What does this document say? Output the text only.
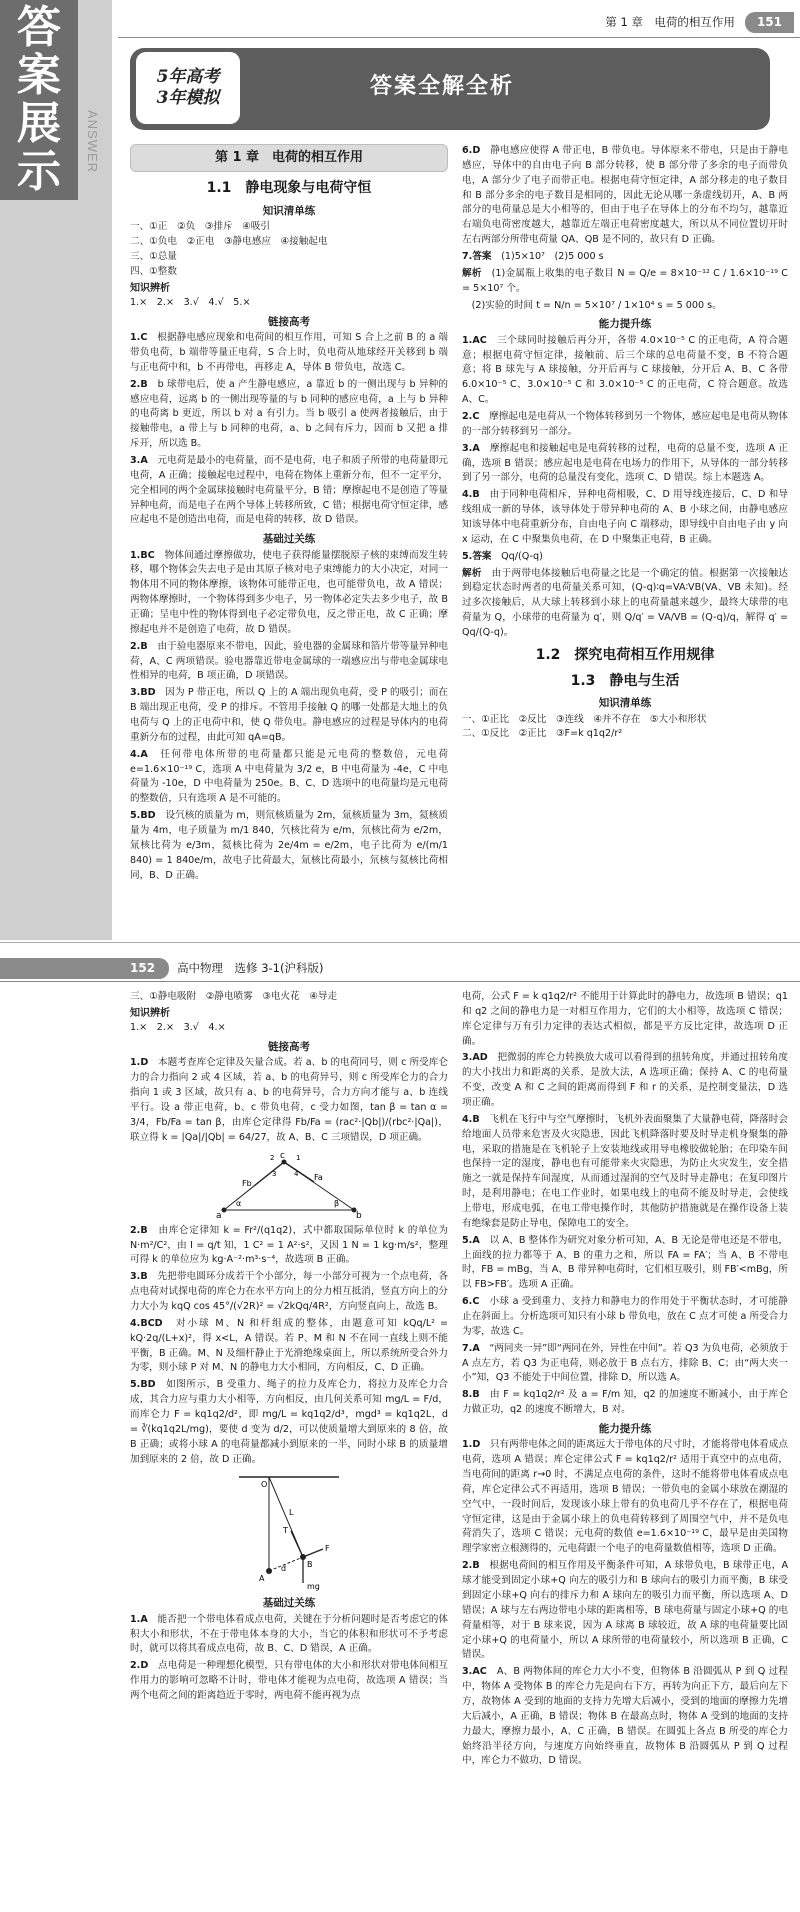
答
案
展
示 ANSWER
第 1 章　电荷的相互作用	151
5年高考
3年模拟	答案全解全析
第 1 章　电荷的相互作用
1.1　静电现象与电荷守恒
知识清单练
一、①正　②负　③排斥　④吸引
二、①负电　②正电　③静电感应　④接触起电
三、①总量
四、①整数
知识辨析
1.×　2.×　3.√　4.√　5.×
链接高考
1.C　 根据静电感应现象和电荷间的相互作用，可知 S 合上之前 B 的 a 端带负电荷，b 端带等量正电荷，S 合上时，负电荷从地球经开关移到 b 端与正电荷中和，b 不再带电，再移走 A，导体 B 带负电，故选 C。
2.B　 b 球带电后，使 a 产生静电感应，a 靠近 b 的一侧出现与 b 异种的感应电荷，远离 b 的一侧出现等量的与 b 同种的感应电荷，a 上与 b 异种的电荷离 b 更近，所以 b 对 a 有引力。当 b 吸引 a 使两者接触后，由于接触带电，a 带上与 b 同种的电荷，a、b 之间有斥力，因而 b 又把 a 排斥开，所以选 B。
3.A　 元电荷是最小的电荷量，而不是电荷，电子和质子所带的电荷量即元电荷，A 正确；接触起电过程中，电荷在物体上重新分布，但不一定平分，完全相同的两个金属球接触时电荷量平分，B 错；摩擦起电不是创造了等量异种电荷，而是电子在两个导体上转移所致，C 错；根据电荷守恒定律，感应起电不是创造出电荷，而是电荷的转移，故 D 错误。
基础过关练
1.BC　 物体间通过摩擦做功，使电子获得能量摆脱原子核的束缚而发生转移，哪个物体会失去电子是由其原子核对电子束缚能力的大小决定，对同一物体用不同的物体摩擦，该物体可能带正电，也可能带负电，故 A 错误；两物体摩擦时，一个物体得到多少电子，另一物体必定失去多少电子，故 B 正确；呈电中性的物体得到电子必定带负电，反之带正电，故 C 正确；摩擦起电并不是创造了电荷，故 D 错误。
2.B　 由于验电器原来不带电，因此，验电器的金属球和箔片带等量异种电荷，A、C 两项错误。验电器靠近带电金属球的一端感应出与带电金属球电性相异的电荷，B 项正确，D 项错误。
3.BD　 因为 P 带正电，所以 Q 上的 A 端出现负电荷，受 P 的吸引；而在 B 端出现正电荷，受 P 的排斥。不管用手接触 Q 的哪一处都是大地上的负电荷与 Q 上的正电荷中和，使 Q 带负电。静电感应的过程是导体内的电荷重新分布的过程，由此可知 qA=qB。
4.A　 任何带电体所带的电荷量都只能是元电荷的整数倍，元电荷 e=1.6×10⁻¹⁹ C，选项 A 中电荷量为 3/2 e，B 中电荷量为 -4e，C 中电荷量为 -10e，D 中电荷量为 250e。B、C、D 选项中的电荷量均是元电荷的整数倍，只有选项 A 是不可能的。
5.BD　 设氕核的质量为 m，则氘核质量为 2m，氚核质量为 3m，氦核质量为 4m，电子质量为 m/1 840，氕核比荷为 e/m，氘核比荷为 e/2m，氚核比荷为 e/3m，氦核比荷为 2e/4m = e/2m，电子比荷为 e/(m/1 840) = 1 840e/m，故电子比荷最大，氚核比荷最小，氘核与氦核比荷相同，B、D 正确。
6.D　 静电感应使得 A 带正电，B 带负电。导体原来不带电，只是由于静电感应，导体中的自由电子向 B 部分转移，使 B 部分带了多余的电子而带负电，A 部分少了电子而带正电。根据电荷守恒定律，A 部分移走的电子数目和 B 部分多余的电子数目是相同的，因此无论从哪一条虚线切开，A、B 两部分的电荷量总是大小相等的，但由于电子在导体上的分布不均匀，越靠近右端负电荷密度越大，越靠近左端正电荷密度越大，所以从不同位置切开时左右两部分所带电荷量 QA、QB 是不同的，故只有 D 正确。
7.答案　 (1)5×10⁷　(2)5 000 s
解析　 (1)金属瓶上收集的电子数目 N = Q/e = 8×10⁻¹² C / 1.6×10⁻¹⁹ C = 5×10⁷ 个。
　(2)实验的时间 t = N/n = 5×10⁷ / 1×10⁴ s = 5 000 s。
能力提升练
1.AC　 三个球同时接触后再分开，各带 4.0×10⁻⁵ C 的正电荷，A 符合题意；根据电荷守恒定律，接触前、后三个球的总电荷量不变，B 不符合题意；将 B 球先与 A 球接触，分开后再与 C 球接触，分开后 A、B、C 各带 6.0×10⁻⁵ C、3.0×10⁻⁵ C 和 3.0×10⁻⁵ C 的正电荷，C 符合题意。故选 A、C。
2.C　 摩擦起电是电荷从一个物体转移到另一个物体，感应起电是电荷从物体的一部分转移到另一部分。
3.A　 摩擦起电和接触起电是电荷转移的过程，电荷的总量不变，选项 A 正确，选项 B 错误；感应起电是电荷在电场力的作用下，从导体的一部分转移到了另一部分，电荷的总量没有变化，选项 C、D 错误。综上本题选 A。
4.B　 由于同种电荷相斥，异种电荷相吸，C、D 用导线连接后，C、D 和导线组成一新的导体，该导体处于带异种电荷的 A、B 小球之间，由静电感应知该导体中电荷重新分布，自由电子向 C 端移动，即导线中自由电子由 y 向 x 运动，在 C 中聚集负电荷，在 D 中聚集正电荷，B 正确。
5.答案　 Qq/(Q-q)
解析　 由于两带电体接触后电荷量之比是一个确定的值。根据第一次接触达到稳定状态时两者的电荷量关系可知，(Q-q)∶q=VA∶VB(VA、VB 未知)。经过多次接触后，从大球上转移到小球上的电荷量越来越少，最终大球带的电荷量为 Q，小球带的电荷量为 q′，则 Q/q′ = VA/VB = (Q-q)/q，解得 q′ = Qq/(Q-q)。
1.2　探究电荷相互作用规律
1.3　静电与生活
知识清单练
一、①正比　②反比　③连线　④并不存在　⑤大小和形状
二、①反比　②正比　③F=k q1q2/r²
152	高中物理　选修 3-1(沪科版)
三、①静电吸附　②静电喷雾　③电火花　④导走
知识辨析
1.×　2.×　3.√　4.×
链接高考
1.D　 本题考查库仑定律及矢量合成。若 a、b 的电荷同号，则 c 所受库仑力的合力指向 2 或 4 区域，若 a、b 的电荷异号，则 c 所受库仑力的合力指向 1 或 3 区域，故只有 a、b 的电荷异号，合力方向才能与 a、b 连线平行。设 a 带正电荷，b、c 带负电荷，c 受力如图，tan β = tan α = 3/4，Fb/Fa = tan β，由库仑定律得 Fb/Fa = (rac²·|Qb|)/(rbc²·|Qa|)，联立得 k = |Qa|/|Qb| = 64/27，故 A、B、C 三项错误，D 项正确。
a	b
c
Fa
Fb
α	β
1
2
3	4
2.B　 由库仑定律知 k = Fr²/(q1q2)，式中都取国际单位时 k 的单位为 N·m²/C²，由 I = q/t 知，1 C² = 1 A²·s²，又因 1 N = 1 kg·m/s²，整理可得 k 的单位应为 kg·A⁻²·m³·s⁻⁴，故选项 B 正确。
3.B　 先把带电圆环分成若干个小部分，每一小部分可视为一个点电荷，各点电荷对试探电荷的库仑力在水平方向上的分力相互抵消，竖直方向上的分力大小为 kqQ cos 45°/(√2R)² = √2kQq/4R²，方向竖直向上，故选 B。
4.BCD　 对小球 M、N 和杆组成的整体，由题意可知 kQq/L² = kQ·2q/(L+x)²，得 x<L，A 错误。若 P、M 和 N 不在同一直线上则不能平衡，B 正确。M、N 及细杆静止于光滑绝缘桌面上，所以系统所受合外力为零，则小球 P 对 M、N 的静电力大小相同，方向相反，C、D 正确。
5.BD　 如图所示，B 受重力、绳子的拉力及库仑力，将拉力及库仑力合成，其合力应与重力大小相等，方向相反，由几何关系可知 mg/L = F/d，而库仑力 F = kq1q2/d²，即 mg/L = kq1q2/d³，mgd³ = kq1q2L，d = ∛(kq1q2L/mg)，要使 d 变为 d/2，可以使质量增大到原来的 8 倍，故 B 正确；或将小球 A 的电荷量都减小到原来的一半，同时小球 B 的质量增加到原来的 2 倍，故 D 正确。
O
L
A
B
d
F
T
mg
基础过关练
1.A　 能否把一个带电体看成点电荷，关键在于分析问题时是否考虑它的体积大小和形状，不在于带电体本身的大小，当它的体积和形状可不予考虑时，就可以将其看成点电荷，故 B、C、D 错误，A 正确。
2.D　 点电荷是一种理想化模型，只有带电体的大小和形状对带电体间相互作用力的影响可忽略不计时，带电体才能视为点电荷，故选项 A 错误；当两个电荷之间的距离趋近于零时，两电荷不能再视为点
电荷，公式 F = k q1q2/r² 不能用于计算此时的静电力，故选项 B 错误；q1 和 q2 之间的静电力是一对相互作用力，它们的大小相等，故选项 C 错误；库仑定律与万有引力定律的表达式相似，都是平方反比定律，故选项 D 正确。
3.AD　 把微弱的库仑力转换放大成可以看得到的扭转角度，并通过扭转角度的大小找出力和距离的关系，是放大法，A 选项正确；保持 A、C 的电荷量不变，改变 A 和 C 之间的距离而得到 F 和 r 的关系，是控制变量法，D 选项正确。
4.B　 飞机在飞行中与空气摩擦时，飞机外表面聚集了大量静电荷，降落时会给地面人员带来危害及火灾隐患，因此飞机降落时要及时导走机身聚集的静电，采取的措施是在飞机轮子上安装地线或用导电橡胶做轮胎；在印染车间也保持一定的湿度，静电也有可能带来火灾隐患，为防止火灾发生，安全措施之一就是保持车间湿度，从而通过湿润的空气及时导走静电；在复印图片时，是利用静电；在电工作业时，如果电线上的电荷不能及时导走，会使线上带电，形成电弧，在电工带电操作时，其他防护措施就是在操作设备上装有绝缘套是防止导电，保障电工的安全。
5.A　 以 A、B 整体作为研究对象分析可知，A、B 无论是带电还是不带电，上面线的拉力都等于 A、B 的重力之和，所以 FA = FA′；当 A、B 不带电时，FB = mBg，当 A、B 带异种电荷时，它们相互吸引，则 FB′<mBg，所以 FB>FB′。选项 A 正确。
6.C　 小球 a 受到重力、支持力和静电力的作用处于平衡状态时，才可能静止在斜面上。分析选项可知只有小球 b 带负电，放在 C 点才可使 a 所受合力为零，故选 C。
7.A　 “两同夹一异”即“两同在外，异性在中间”。若 Q3 为负电荷，必须放于 A 点左方，若 Q3 为正电荷，则必放于 B 点右方，排除 B、C；由“两大夹一小”知，Q3 不能处于中间位置，排除 D，所以选 A。
8.B　 由 F = kq1q2/r² 及 a = F/m 知，q2 的加速度不断减小，由于库仑力做正功，q2 的速度不断增大，B 对。
能力提升练
1.D　 只有两带电体之间的距离远大于带电体的尺寸时，才能将带电体看成点电荷，选项 A 错误；库仑定律公式 F = kq1q2/r² 适用于真空中的点电荷，当电荷间的距离 r→0 时，不满足点电荷的条件，这时不能将带电体看成点电荷，库仑定律公式不再适用，选项 B 错误；一带负电的金属小球放在潮湿的空气中，一段时间后，发现该小球上带有的负电荷几乎不存在了，根据电荷守恒定律，这是由于金属小球上的负电荷转移到了周围空气中，并不是负电荷消失了，选项 C 错误；元电荷的数值 e=1.6×10⁻¹⁹ C，最早是由美国物理学家密立根测得的，元电荷跟一个电子的电荷量数值相等，选项 D 正确。
2.B　 根据电荷间的相互作用及平衡条件可知，A 球带负电，B 球带正电，A 球才能受到固定小球+Q 向左的吸引力和 B 球向右的吸引力而平衡，B 球受到固定小球+Q 向右的排斥力和 A 球向左的吸引力而平衡，所以选项 A、D 错误；A 球与左右两边带电小球的距离相等，B 球电荷量与固定小球+Q 的电荷量相等，对于 B 球来说，因为 A 球离 B 球较近，故 A 球的电荷量要比固定小球+Q 的电荷量小，所以 A 球所带的电荷量较小，所以选项 B 正确，C 错误。
3.AC　 A、B 两物体间的库仑力大小不变，但物体 B 沿圆弧从 P 到 Q 过程中，物体 A 受物体 B 的库仑力先是向右下方，再转为向正下方，最后向左下方，故物体 A 受到的地面的支持力先增大后减小，受到的地面的摩擦力先增大后减小，A 正确，B 错误；物体 B 在最高点时，物体 A 受到的地面的支持力最大，摩擦力最小，A、C 正确，B 错误。在圆弧上各点 B 所受的库仑力始终沿半径方向，与速度方向始终垂直，故物体 B 沿圆弧从 P 到 Q 过程中，库仑力不做功，D 错误。
